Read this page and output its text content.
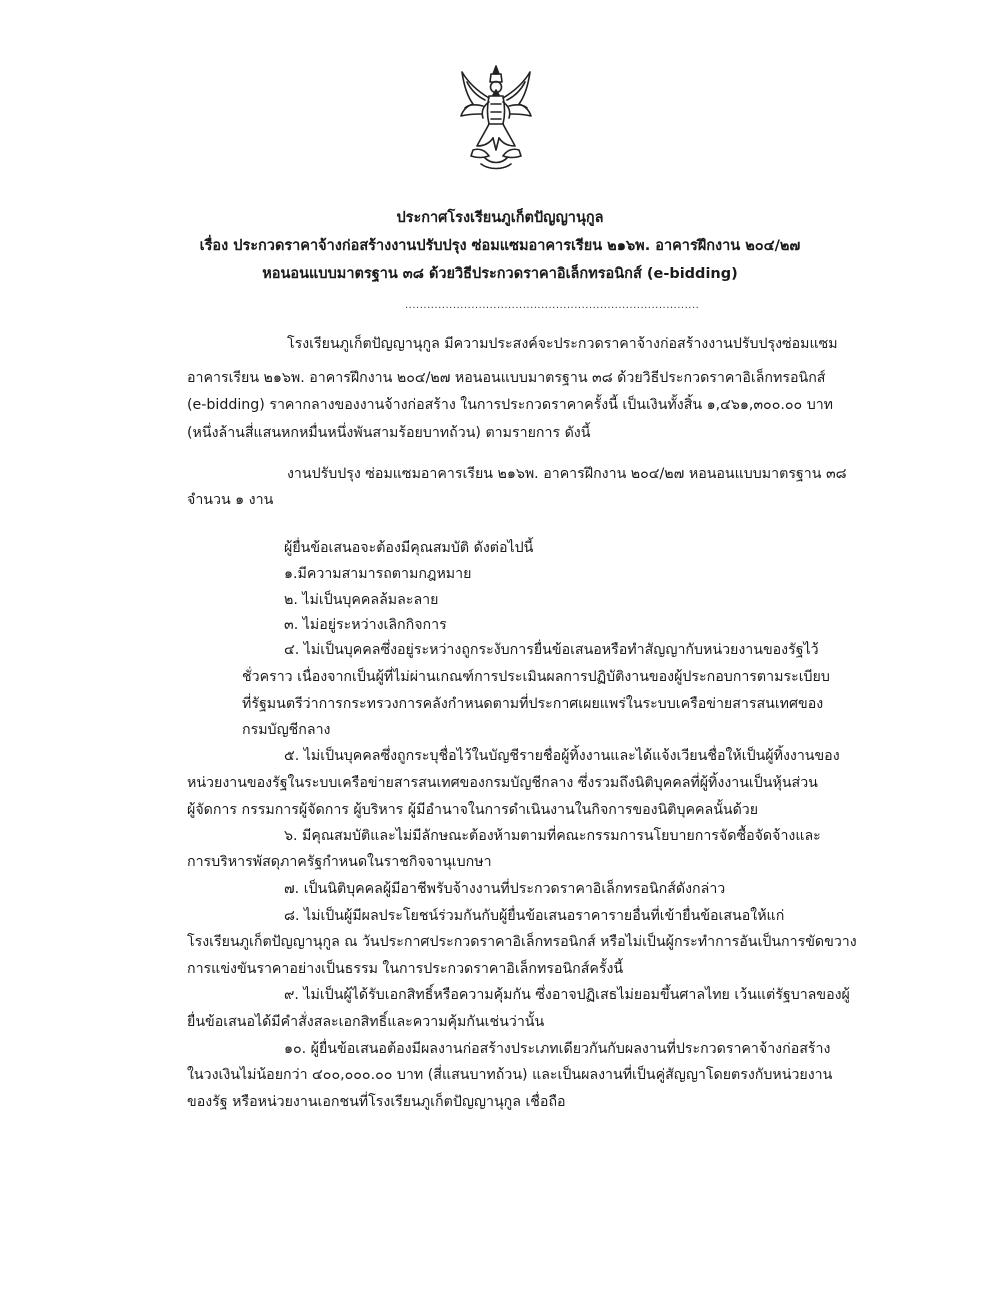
ประกาศโรงเรียนภูเก็ตปัญญานุกูล
เรื่อง ประกวดราคาจ้างก่อสร้างงานปรับปรุง ซ่อมแซมอาคารเรียน ๒๑๖พ. อาคารฝึกงาน ๒๐๔/๒๗
หอนอนแบบมาตรฐาน ๓๘ ด้วยวิธีประกวดราคาอิเล็กทรอนิกส์ (e-bidding)
................................................................................
โรงเรียนภูเก็ตปัญญานุกูล มีความประสงค์จะประกวดราคาจ้างก่อสร้างงานปรับปรุงซ่อมแซม
อาคารเรียน ๒๑๖พ. อาคารฝึกงาน ๒๐๔/๒๗ หอนอนแบบมาตรฐาน ๓๘ ด้วยวิธีประกวดราคาอิเล็กทรอนิกส์
(e-bidding) ราคากลางของงานจ้างก่อสร้าง ในการประกวดราคาครั้งนี้ เป็นเงินทั้งสิ้น ๑,๔๖๑,๓๐๐.๐๐ บาท
(หนึ่งล้านสี่แสนหกหมื่นหนึ่งพันสามร้อยบาทถ้วน) ตามรายการ ดังนี้
งานปรับปรุง ซ่อมแซมอาคารเรียน ๒๑๖พ. อาคารฝึกงาน ๒๐๔/๒๗ หอนอนแบบมาตรฐาน ๓๘
จำนวน ๑ งาน
ผู้ยื่นข้อเสนอจะต้องมีคุณสมบัติ ดังต่อไปนี้
๑.มีความสามารถตามกฎหมาย
๒. ไม่เป็นบุคคลล้มละลาย
๓. ไม่อยู่ระหว่างเลิกกิจการ
๔. ไม่เป็นบุคคลซึ่งอยู่ระหว่างถูกระงับการยื่นข้อเสนอหรือทำสัญญากับหน่วยงานของรัฐไว้
ชั่วคราว เนื่องจากเป็นผู้ที่ไม่ผ่านเกณฑ์การประเมินผลการปฏิบัติงานของผู้ประกอบการตามระเบียบ
ที่รัฐมนตรีว่าการกระทรวงการคลังกำหนดตามที่ประกาศเผยแพร่ในระบบเครือข่ายสารสนเทศของ
กรมบัญชีกลาง
๕. ไม่เป็นบุคคลซึ่งถูกระบุชื่อไว้ในบัญชีรายชื่อผู้ทิ้งงานและได้แจ้งเวียนชื่อให้เป็นผู้ทิ้งงานของ
หน่วยงานของรัฐในระบบเครือข่ายสารสนเทศของกรมบัญชีกลาง ซึ่งรวมถึงนิติบุคคลที่ผู้ทิ้งงานเป็นหุ้นส่วน
ผู้จัดการ กรรมการผู้จัดการ ผู้บริหาร ผู้มีอำนาจในการดำเนินงานในกิจการของนิติบุคคลนั้นด้วย
๖. มีคุณสมบัติและไม่มีลักษณะต้องห้ามตามที่คณะกรรมการนโยบายการจัดซื้อจัดจ้างและ
การบริหารพัสดุภาครัฐกำหนดในราชกิจจานุเบกษา
๗. เป็นนิติบุคคลผู้มีอาชีพรับจ้างงานที่ประกวดราคาอิเล็กทรอนิกส์ดังกล่าว
๘. ไม่เป็นผู้มีผลประโยชน์ร่วมกันกับผู้ยื่นข้อเสนอราคารายอื่นที่เข้ายื่นข้อเสนอให้แก่
โรงเรียนภูเก็ตปัญญานุกูล ณ วันประกาศประกวดราคาอิเล็กทรอนิกส์ หรือไม่เป็นผู้กระทำการอันเป็นการขัดขวาง
การแข่งขันราคาอย่างเป็นธรรม ในการประกวดราคาอิเล็กทรอนิกส์ครั้งนี้
๙. ไม่เป็นผู้ได้รับเอกสิทธิ์หรือความคุ้มกัน ซึ่งอาจปฏิเสธไม่ยอมขึ้นศาลไทย เว้นแต่รัฐบาลของผู้
ยื่นข้อเสนอได้มีคำสั่งสละเอกสิทธิ์และความคุ้มกันเช่นว่านั้น
๑๐. ผู้ยื่นข้อเสนอต้องมีผลงานก่อสร้างประเภทเดียวกันกับผลงานที่ประกวดราคาจ้างก่อสร้าง
ในวงเงินไม่น้อยกว่า ๔๐๐,๐๐๐.๐๐ บาท (สี่แสนบาทถ้วน) และเป็นผลงานที่เป็นคู่สัญญาโดยตรงกับหน่วยงาน
ของรัฐ หรือหน่วยงานเอกชนที่โรงเรียนภูเก็ตปัญญานุกูล เชื่อถือ
